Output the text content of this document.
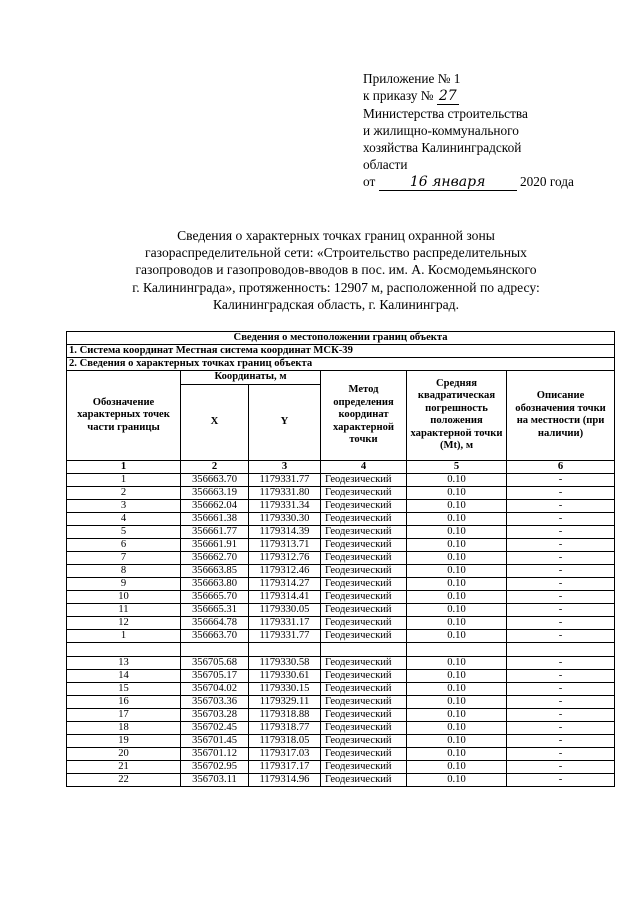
Приложение № 1
к приказу № 27
Министерства строительства
и жилищно-коммунального
хозяйства Калининградской
области
от 16 января	2020 года
Сведения о характерных точках границ охранной зоны
газораспределительной сети: «Строительство распределительных
газопроводов и газопроводов-вводов в пос. им. А. Космодемьянского
г. Калининграда», протяженность: 12907 м, расположенной по адресу:
Калининградская область, г. Калининград.
Сведения о местоположении границ объекта					
1. Система координат Местная система координат МСК-39					
2. Сведения о характерных точках границ объекта					
Обозначение характерных точек части границы	Координаты, м		Метод определения координат характерной точки	Средняя квадратическая погрешность положения характерной точки (Mt), м	Описание обозначения точки на местности (при наличии)
	X	Y			
1	2	3	4	5	6
1	356663.70	1179331.77	Геодезический	0.10	-
2	356663.19	1179331.80	Геодезический	0.10	-
3	356662.04	1179331.34	Геодезический	0.10	-
4	356661.38	1179330.30	Геодезический	0.10	-
5	356661.77	1179314.39	Геодезический	0.10	-
6	356661.91	1179313.71	Геодезический	0.10	-
7	356662.70	1179312.76	Геодезический	0.10	-
8	356663.85	1179312.46	Геодезический	0.10	-
9	356663.80	1179314.27	Геодезический	0.10	-
10	356665.70	1179314.41	Геодезический	0.10	-
11	356665.31	1179330.05	Геодезический	0.10	-
12	356664.78	1179331.17	Геодезический	0.10	-
1	356663.70	1179331.77	Геодезический	0.10	-

13	356705.68	1179330.58	Геодезический	0.10	-
14	356705.17	1179330.61	Геодезический	0.10	-
15	356704.02	1179330.15	Геодезический	0.10	-
16	356703.36	1179329.11	Геодезический	0.10	-
17	356703.28	1179318.88	Геодезический	0.10	-
18	356702.45	1179318.77	Геодезический	0.10	-
19	356701.45	1179318.05	Геодезический	0.10	-
20	356701.12	1179317.03	Геодезический	0.10	-
21	356702.95	1179317.17	Геодезический	0.10	-
22	356703.11	1179314.96	Геодезический	0.10	-
